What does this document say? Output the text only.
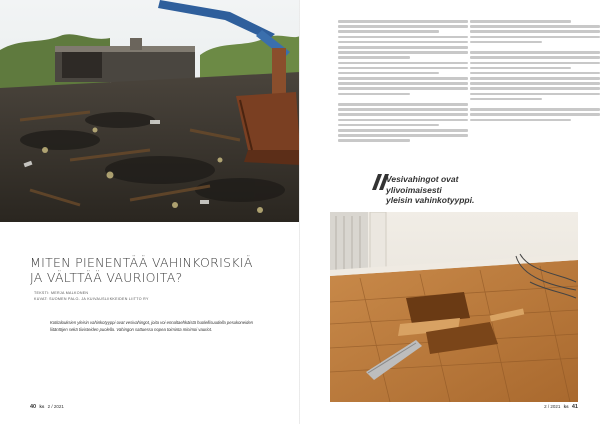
MITEN PIENENTÄÄ VAHINKORISKIÄ
JA VÄLTTÄÄ VAURIOITA?

TEKSTI: MERJA MALKONEN
KUVAT: SUOMEN PALO- JA KUIVAUSLIIKKEIDEN LIITTO RY

Kotitalouksien yleisin vahinkotyyppi ovat vesivahingot, joita voi ennaltaehkäistä huolellisuudella pesukoneiden liitäntöjen sekä tiivisteiden puolella. Vahingon sattuessa nopea toiminta minimoi vauriot.

40 ks 2 / 2021

Vesivahingot ovat
ylivoimaisesti
yleisin vahinkotyyppi.

2 / 2021 ks 41
